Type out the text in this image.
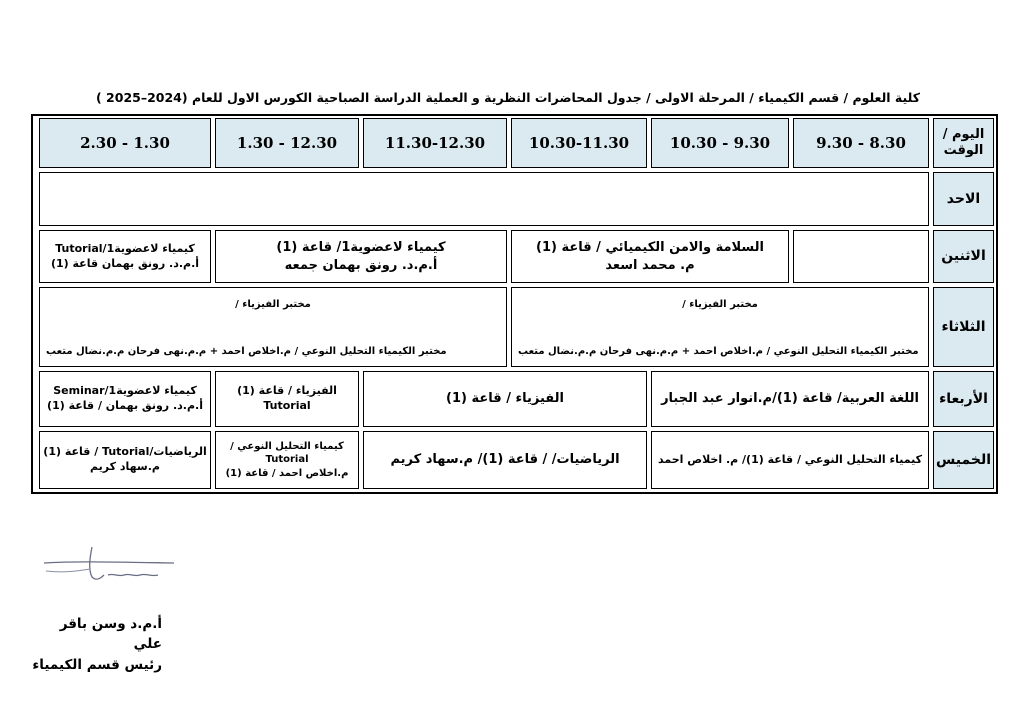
كلية العلوم / قسم الكيمياء / المرحلة الاولى / جدول المحاضرات النظرية و العملية الدراسة الصباحية الكورس الاول للعام (2024–2025 )
اليوم /
الوقت
8.30 - 9.30
9.30 - 10.30
10.30-11.30
11.30-12.30
12.30 - 1.30
1.30 - 2.30
الاحد
الاثنين
السلامة والامن الكيميائي / قاعة (1)
م. محمد اسعد
كيمياء لاعضوية1/ قاعة (1)
أ.م.د. رونق بهمان جمعه
كيمياء لاعضوية1/Tutorial
أ.م.د. رونق بهمان قاعة (1)
الثلاثاء
مختبر الفيزياء /
مختبر الكيمياء التحليل النوعي / م.اخلاص احمد + م.م.نهى فرحان م.م.نضال متعب
مختبر الفيزياء /
مختبر الكيمياء التحليل النوعي / م.اخلاص احمد + م.م.نهى فرحان م.م.نضال متعب
الأربعاء
اللغة العربية/ قاعة (1)/م.انوار عبد الجبار
الفيزياء / قاعة (1)
الفيزياء / قاعة (1)
Tutorial
كيمياء لاعضوية1/Seminar
أ.م.د. رونق بهمان / قاعة (1)
الخميس
كيمياء التحليل النوعي / قاعة (1)/ م. اخلاص احمد
الرياضيات/ / قاعة (1)/ م.سهاد كريم
كيمياء التحليل النوعي /
Tutorial
م.اخلاص احمد / قاعة (1)
الرياضيات/Tutorial / قاعة (1)
م.سهاد كريم
أ.م.د وسن باقر علي
رئيس قسم الكيمياء
